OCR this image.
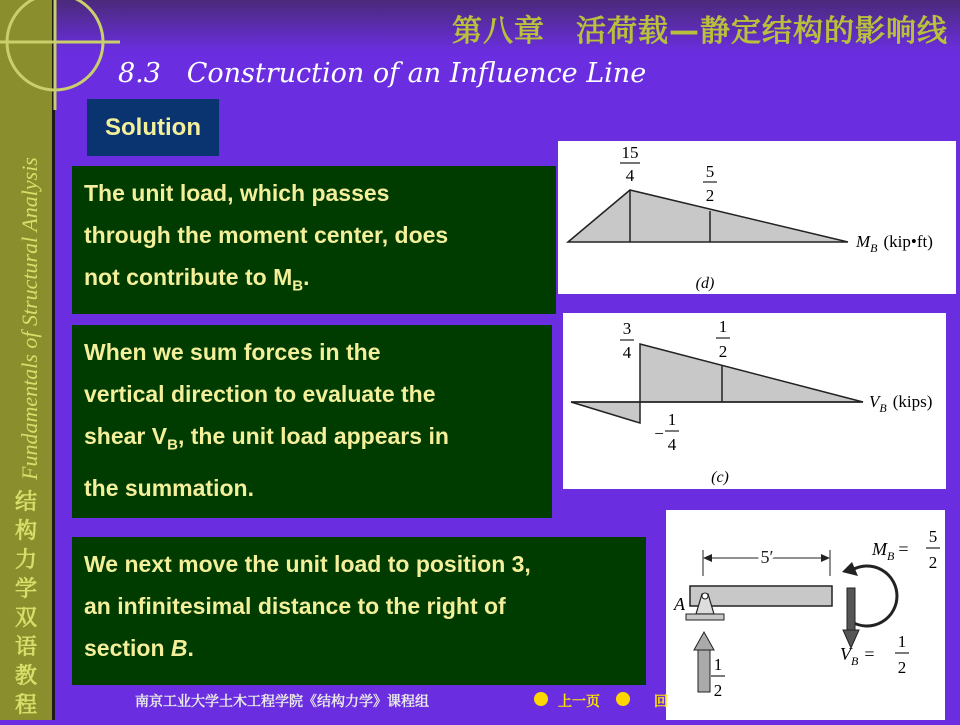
第八章　活荷载—静定结构的影响线
8.3 Construction of an Influence Line
Fundamentals of Structural Analysis
结
构
力
学
双
语
教
程
Solution
The unit load, which passes
through the moment center, does
not contribute to $M_B$.
When we sum forces in the
vertical direction to evaluate the
shear $V_B$, the unit load appears in
the summation.
We next move the unit load to position 3,
an infinitesimal distance to the right of
section B.
15
4	5
2
$M_B$ (kip•ft)
(d)
3
4
1
2
−
1
4
$V_B$ (kips)
(c)
5′
A
1
2
$M_B$ =
5
2
$V_B$ =
1
2
南京工业大学土木工程学院《结构力学》课程组	上一页	回
